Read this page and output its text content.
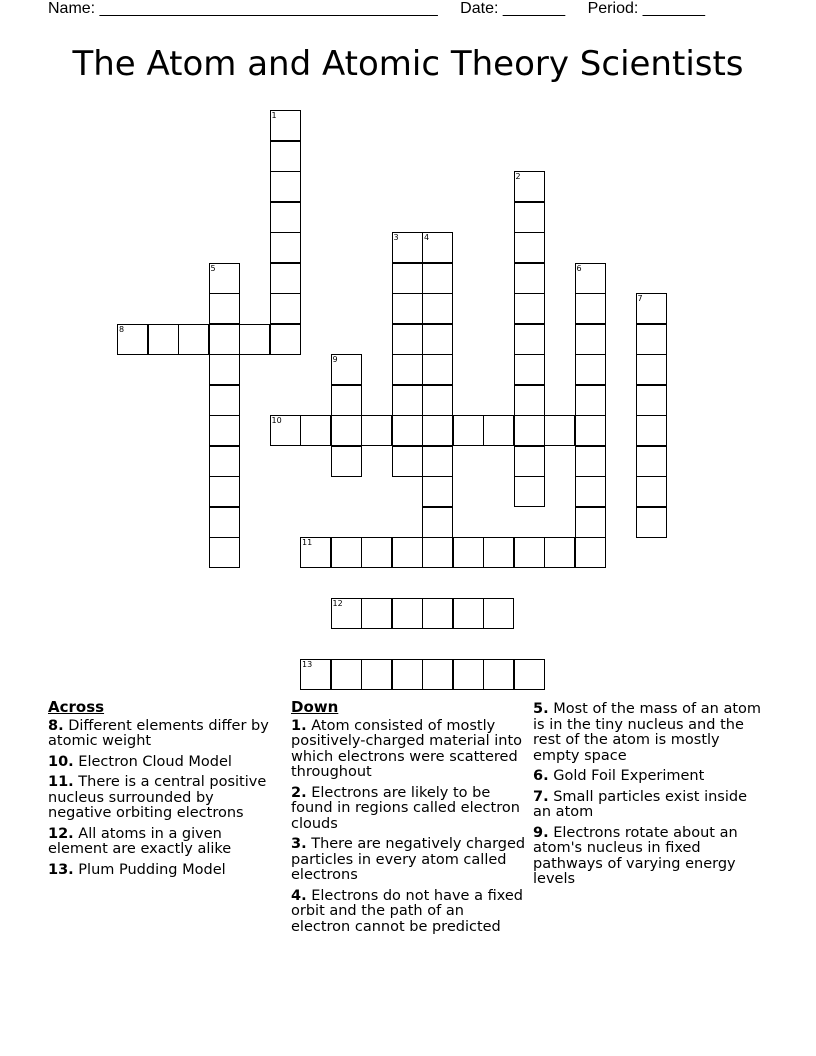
Name: ______________________________________ Date: _______ Period: _______
The Atom and Atomic Theory Scientists
1
2
3	4
5	6
7
8
9
10
11
12
13
Across
8. Different elements differ by atomic weight
10. Electron Cloud Model
11. There is a central positive nucleus surrounded by negative orbiting electrons
12. All atoms in a given element are exactly alike
13. Plum Pudding Model
Down
1. Atom consisted of mostly positively-charged material into which electrons were scattered throughout
2. Electrons are likely to be found in regions called electron clouds
3. There are negatively charged particles in every atom called electrons
4. Electrons do not have a fixed orbit and the path of an electron cannot be predicted
5. Most of the mass of an atom is in the tiny nucleus and the rest of the atom is mostly empty space
6. Gold Foil Experiment
7. Small particles exist inside an atom
9. Electrons rotate about an atom's nucleus in fixed pathways of varying energy levels
